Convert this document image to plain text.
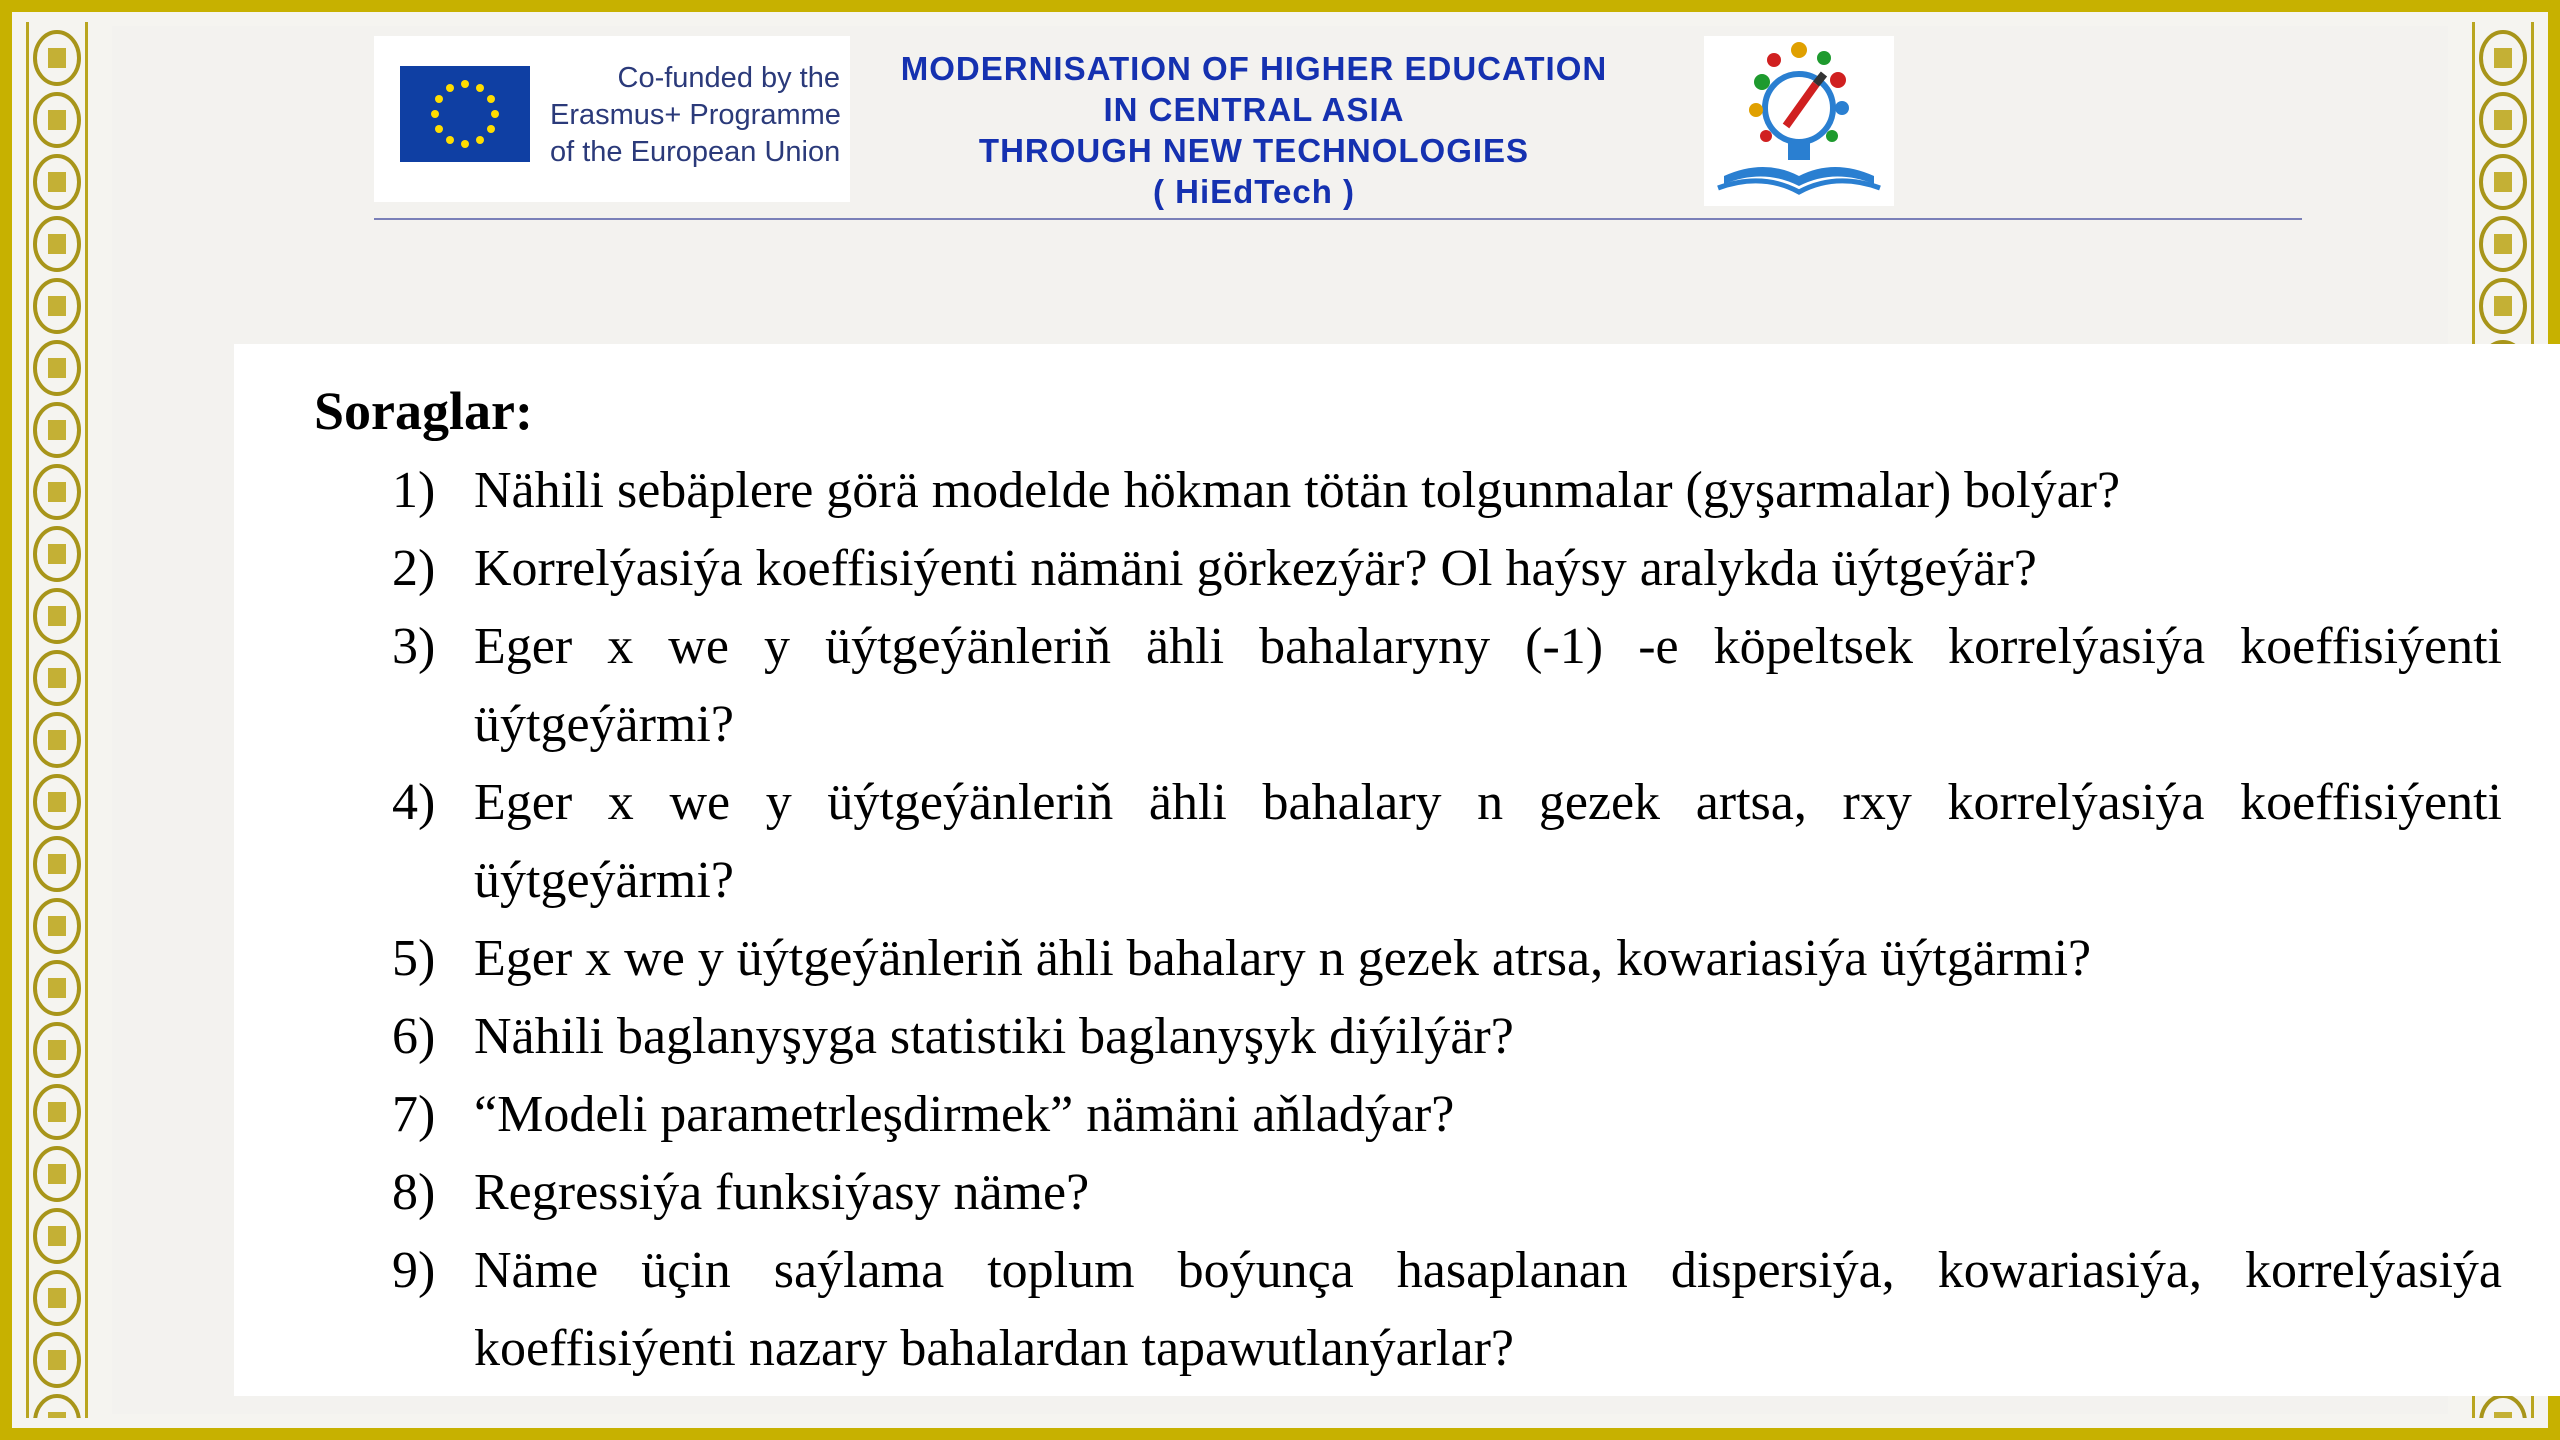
Co-funded by the
Erasmus+ Programme
of the European Union
MODERNISATION OF HIGHER EDUCATION
IN CENTRAL ASIA
THROUGH NEW TECHNOLOGIES
( HiEdTech )
Soraglar:
1) Nähili sebäplere görä modelde hökman tötän tolgunmalar (gyşarmalar) bolýar?
2) Korrelýasiýa koeffisiýenti nämäni görkezýär? Ol haýsy aralykda üýtgeýär?
3) Eger x we y üýtgeýänleriň ähli bahalaryny (-1) -e köpeltsek korrelýasiýa koeffisiýenti üýtgeýärmi?
4) Eger x we y üýtgeýänleriň ähli bahalary n gezek artsa, rxy korrelýasiýa koeffisiýenti üýtgeýärmi?
5) Eger x we y üýtgeýänleriň ähli bahalary n gezek atrsa, kowariasiýa üýtgärmi?
6) Nähili baglanyşyga statistiki baglanyşyk diýilýär?
7) “Modeli parametrleşdirmek” nämäni aňladýar?
8) Regressiýa funksiýasy näme?
9) Näme üçin saýlama toplum boýunça hasaplanan dispersiýa, kowariasiýa, korrelýasiýa koeffisiýenti nazary bahalardan tapawutlanýarlar?
